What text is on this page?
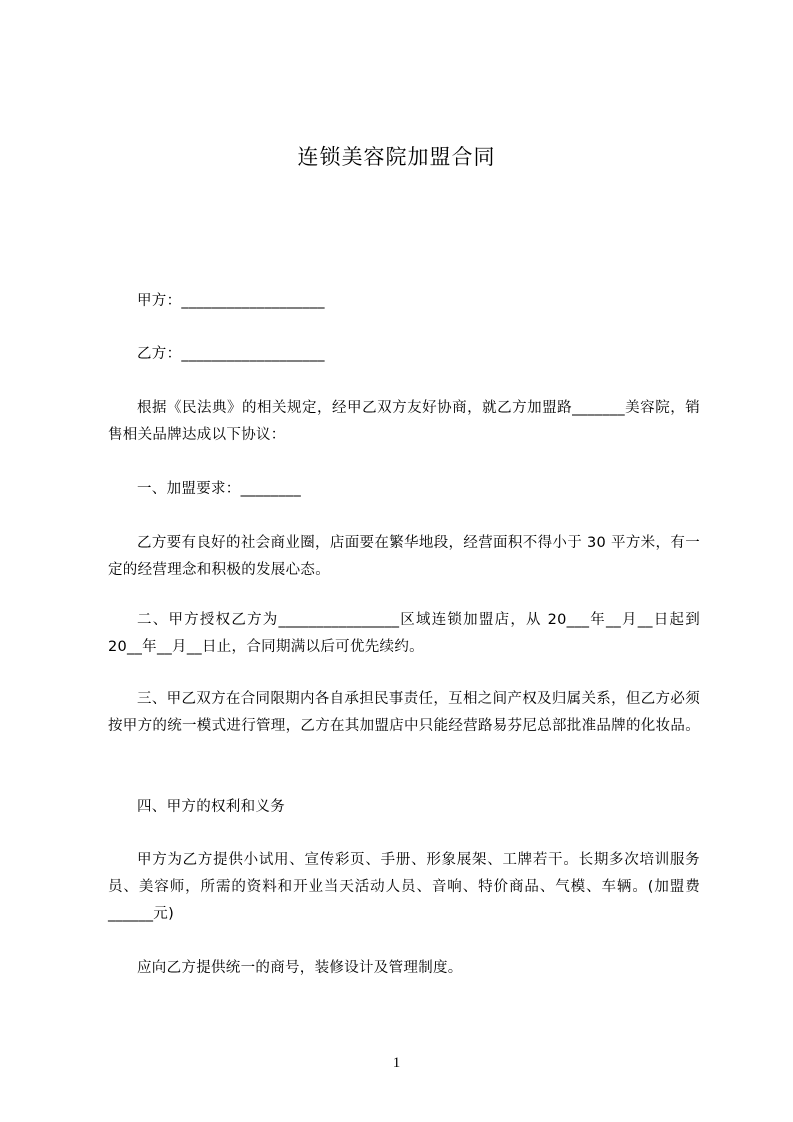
连锁美容院加盟合同
甲方：___________________
乙方：___________________
根据《民法典》的相关规定，经甲乙双方友好协商，就乙方加盟路_______美容院，销售相关品牌达成以下协议：
一、加盟要求：________
乙方要有良好的社会商业圈，店面要在繁华地段，经营面积不得小于 30 平方米，有一定的经营理念和积极的发展心态。
二、甲方授权乙方为________________区域连锁加盟店，从 20___年__月__日起到 20__年__月__日止，合同期满以后可优先续约。
三、甲乙双方在合同限期内各自承担民事责任，互相之间产权及归属关系，但乙方必须按甲方的统一模式进行管理，乙方在其加盟店中只能经营路易芬尼总部批准品牌的化妆品。
四、甲方的权利和义务
甲方为乙方提供小试用、宣传彩页、手册、形象展架、工牌若干。长期多次培训服务员、美容师，所需的资料和开业当天活动人员、音响、特价商品、气模、车辆。(加盟费______元)
应向乙方提供统一的商号，装修设计及管理制度。
1
